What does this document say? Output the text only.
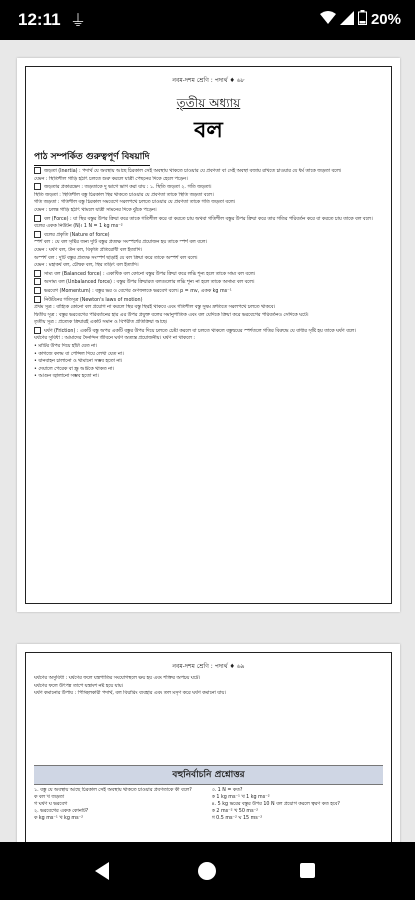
12:11 ⏚	20%
নবম-দশম শ্রেণি : পদার্থ ♦ ৬৮
তৃতীয় অধ্যায়
বল
পাঠ সম্পর্কিত গুরুত্বপূর্ণ বিষয়াদি
জড়তা (Inertia) : পদার্থ যে অবস্থায় আছে চিরকাল সেই অবস্থায় থাকতে চাওয়ার যে প্রবণতা বা সেই অবস্থা বজায় রাখতে চাওয়ার যে ধর্ম তাকে জড়তা বলে।
যেমন : স্থিতিশীল গাড়ি হঠাৎ চলতে শুরু করলে যাত্রী পেছনের দিকে হেলে পড়েন।
জড়তার প্রকারভেদ : জড়তাকে দু ভাগে ভাগ করা যায় : ১. স্থিতি জড়তা ২. গতি জড়তা।
স্থিতি জড়তা : স্থিতিশীল বস্তু চিরকাল স্থির থাকতে চাওয়ার যে প্রবণতা তাকে স্থিতি জড়তা বলে।
গতি জড়তা : গতিশীল বস্তু চিরকাল সমবেগে সরলপথে চলতে চাওয়ার যে প্রবণতা তাকে গতি জড়তা বলে।
যেমন : চলন্ত গাড়ি হঠাৎ থামলে যাত্রী সামনের দিকে ঝুঁকে পড়েন।
বল (Force) : যা স্থির বস্তুর উপর ক্রিয়া করে তাকে গতিশীল করে বা করতে চায় অথবা গতিশীল বস্তুর উপর ক্রিয়া করে তার গতির পরিবর্তন করে বা করতে চায় তাকে বল বলে।
বলের একক নিউটন (N)। 1 N = 1 kg ms⁻²
বলের প্রকৃতি (Nature of force)
স্পর্শ বল : যে বল সৃষ্টির জন্য দুটি বস্তুর প্রত্যক্ষ সংস্পর্শের প্রয়োজন হয় তাকে স্পর্শ বল বলে।
যেমন : ঘর্ষণ বল, টান বল, বিকৃতি প্রতিরোধী বল ইত্যাদি।
অস্পর্শ বল : দুটি বস্তুর প্রত্যক্ষ সংস্পর্শ ছাড়াই যে বল ক্রিয়া করে তাকে অস্পর্শ বল বলে।
যেমন : মহাকর্ষ বল, চৌম্বক বল, স্থির তড়িৎ বল ইত্যাদি।
সাম্য বল (Balanced force) : একাধিক বল কোনো বস্তুর উপর ক্রিয়া করে লব্ধি শূন্য হলে তাকে সাম্য বল বলে।
অসাম্য বল (Unbalanced force) : বস্তুর উপর ক্রিয়ারত বলগুলোর লব্ধি শূন্য না হলে তাকে অসাম্য বল বলে।
ভরবেগ (Momentum) : বস্তুর ভর ও বেগের গুণফলকে ভরবেগ বলে। p = mv, একক kg ms⁻¹
নিউটনের গতিসূত্র (Newton's laws of motion)
প্রথম সূত্র : বাহ্যিক কোনো বল প্রয়োগ না করলে স্থির বস্তু স্থিরই থাকবে এবং গতিশীল বস্তু সুষম দ্রুতিতে সরলপথে চলতে থাকবে।
দ্বিতীয় সূত্র : বস্তুর ভরবেগের পরিবর্তনের হার এর উপর প্রযুক্ত বলের সমানুপাতিক এবং বল যেদিকে ক্রিয়া করে ভরবেগের পরিবর্তনও সেদিকে ঘটে।
তৃতীয় সূত্র : প্রত্যেক ক্রিয়ারই একটি সমান ও বিপরীত প্রতিক্রিয়া আছে।
ঘর্ষণ (Friction) : একটি বস্তু অপর একটি বস্তুর উপর দিয়ে চলতে চেষ্টা করলে বা চলতে থাকলে বস্তুদ্বয়ের স্পর্শতলে গতির বিরুদ্ধে যে বাধার সৃষ্টি হয় তাকে ঘর্ষণ বলে।
ঘর্ষণের সুবিধা : আমাদের দৈনন্দিন জীবনে ঘর্ষণ অত্যন্ত প্রয়োজনীয়। ঘর্ষণ না থাকলে :
• মাটির উপর দিয়ে হাঁটা যেত না।
• কাগজে কলম বা পেন্সিল দিয়ে লেখা যেত না।
• যানবাহন চালানো ও থামানো সম্ভব হতো না।
• দেয়ালে পেরেক বা স্ক্রু আটকে থাকত না।
• আগুন জ্বালানো সম্ভব হতো না।
নবম-দশম শ্রেণি : পদার্থ ♦ ৬৯
ঘর্ষণের অসুবিধা : ঘর্ষণের ফলে যন্ত্রপাতির সংযোগস্থলে ক্ষয় হয় এবং শক্তির অপচয় ঘটে।
ঘর্ষণের ফলে উৎপন্ন তাপে যন্ত্রাংশ নষ্ট হয়ে যায়।
ঘর্ষণ কমানোর উপায় : পিচ্ছিলকারী পদার্থ, বল বিয়ারিং ব্যবহার এবং তল মসৃণ করে ঘর্ষণ কমানো যায়।
বহুনির্বাচনি প্রশ্নোত্তর
১. বস্তু যে অবস্থায় আছে চিরকাল সেই অবস্থায় থাকতে চাওয়ার প্রবণতাকে কী বলে?
ক বল খ জড়তা
গ ঘর্ষণ ঘ ভরবেগ
২. ভরবেগের একক কোনটি?
ক kg ms⁻¹ খ kg ms⁻²
৩. 1 N = কত?
ক 1 kg ms⁻¹ খ 1 kg ms⁻²
৪. 5 kg ভরের বস্তুর উপর 10 N বল প্রয়োগ করলে ত্বরণ কত হবে?
ক 2 ms⁻² খ 50 ms⁻²
গ 0.5 ms⁻² ঘ 15 ms⁻²
